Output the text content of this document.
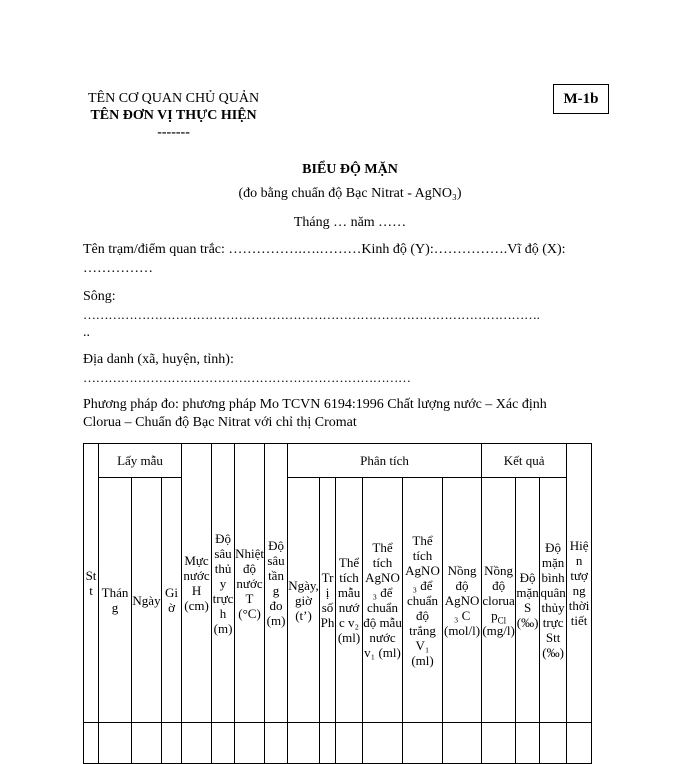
TÊN CƠ QUAN CHỦ QUẢN
TÊN ĐƠN VỊ THỰC HIỆN
-------
M-1b
BIỂU ĐỘ MẶN
(đo bằng chuẩn độ Bạc Nitrat - AgNO₃)
Tháng … năm ……
Tên trạm/điểm quan trắc: …………….….………Kinh độ (Y):…………….Vĩ độ (X):
……………
Sông:
……………………………………………………………………………………………….
..
Địa danh (xã, huyện, tỉnh):
……………………………………………………………………
Phương pháp đo: phương pháp Mo TCVN 6194:1996 Chất lượng nước – Xác định
Clorua – Chuẩn độ Bạc Nitrat với chỉ thị Cromat
Stt	Lấy mẫu			Mực nước H (cm)	Độ sâu thủy trực h (m)	Nhiệt độ nước T (°C)	Độ sâu tầng đo (m)	Phân tích						Kết quả			Hiện tượng thời tiết
	Tháng	Ngày	Giờ					Ngày, giờ (t’)	Trị số Ph	Thể tích mẫu nước v₂ (ml)	Thể tích AgNO₃ để chuẩn độ mẫu nước v₁ (ml)	Thể tích AgNO₃ để chuẩn độ trắng V₁ (ml)	Nồng độ AgNO₃ C (mol/l)	Nồng độ clorua $p_{Cl}$ (mg/l)	Độ mặn S (‰)	Độ mặn bình quân thủy trực Stt (‰)	
